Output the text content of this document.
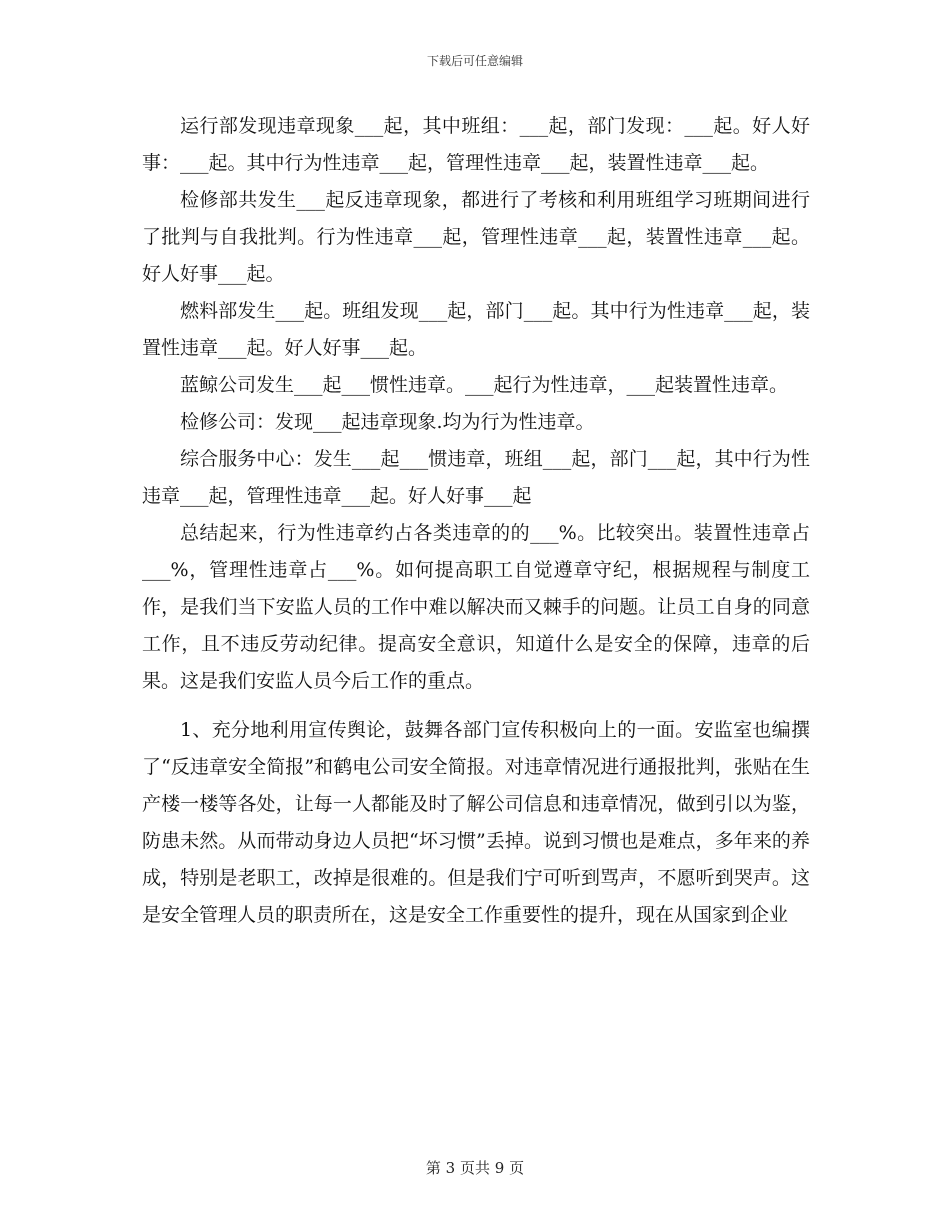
下载后可任意编辑

运行部发现违章现象___起，其中班组：___起，部门发现：___起。好人好事：___起。其中行为性违章___起，管理性违章___起，装置性违章___起。

检修部共发生___起反违章现象，都进行了考核和利用班组学习班期间进行了批判与自我批判。行为性违章___起，管理性违章___起，装置性违章___起。好人好事___起。

燃料部发生___起。班组发现___起，部门___起。其中行为性违章___起，装置性违章___起。好人好事___起。

蓝鲸公司发生___起___惯性违章。___起行为性违章，___起装置性违章。

检修公司：发现___起违章现象.均为行为性违章。

综合服务中心：发生___起___惯违章，班组___起，部门___起，其中行为性违章___起，管理性违章___起。好人好事___起

总结起来，行为性违章约占各类违章的的___%。比较突出。装置性违章占___%，管理性违章占___%。如何提高职工自觉遵章守纪，根据规程与制度工作，是我们当下安监人员的工作中难以解决而又棘手的问题。让员工自身的同意工作，且不违反劳动纪律。提高安全意识，知道什么是安全的保障，违章的后果。这是我们安监人员今后工作的重点。

1、充分地利用宣传舆论，鼓舞各部门宣传积极向上的一面。安监室也编撰了“反违章安全简报”和鹤电公司安全简报。对违章情况进行通报批判，张贴在生产楼一楼等各处，让每一人都能及时了解公司信息和违章情况，做到引以为鉴，防患未然。从而带动身边人员把“坏习惯”丢掉。说到习惯也是难点，多年来的养成，特别是老职工，改掉是很难的。但是我们宁可听到骂声，不愿听到哭声。这是安全管理人员的职责所在，这是安全工作重要性的提升，现在从国家到企业

第 3 页共 9 页
